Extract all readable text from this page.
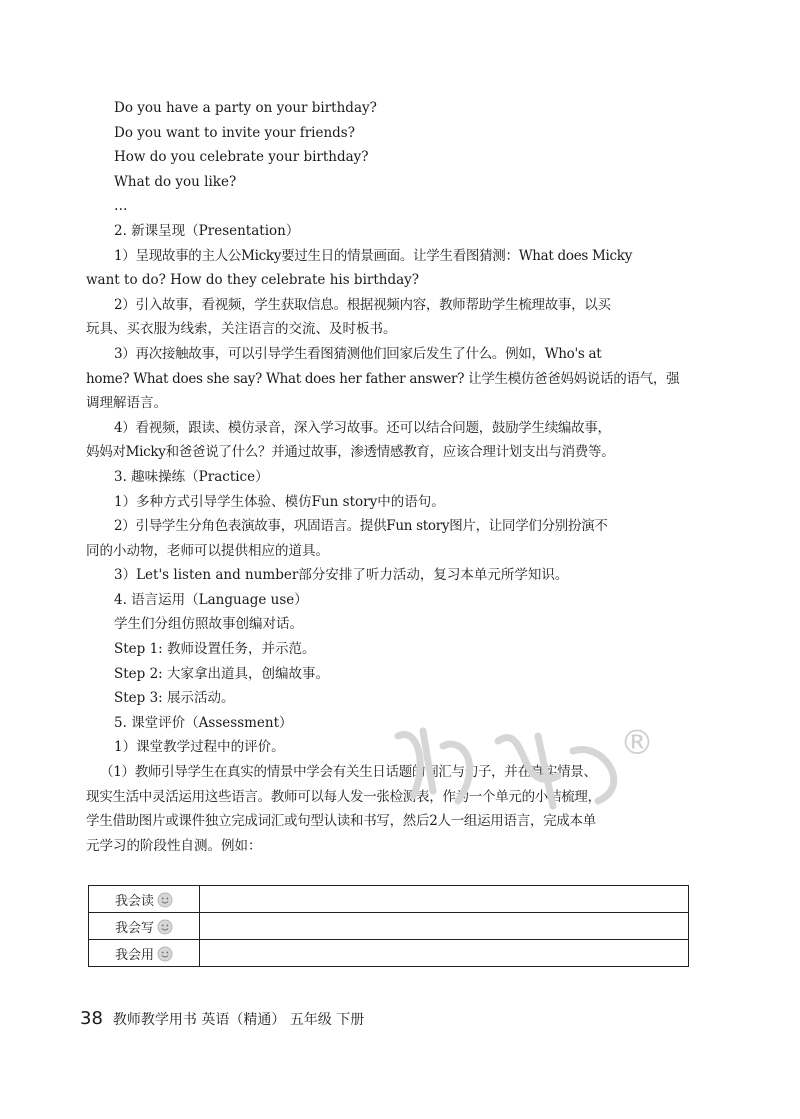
Do you have a party on your birthday?
Do you want to invite your friends?
How do you celebrate your birthday?
What do you like?
…
2. 新课呈现（Presentation）
1）呈现故事的主人公Micky要过生日的情景画面。让学生看图猜测：What does Micky
want to do? How do they celebrate his birthday?
2）引入故事，看视频，学生获取信息。根据视频内容，教师帮助学生梳理故事，以买
玩具、买衣服为线索，关注语言的交流、及时板书。
3）再次接触故事，可以引导学生看图猜测他们回家后发生了什么。例如，Who's at
home? What does she say? What does her father answer? 让学生模仿爸爸妈妈说话的语气，强
调理解语言。
4）看视频，跟读、模仿录音，深入学习故事。还可以结合问题，鼓励学生续编故事，
妈妈对Micky和爸爸说了什么？并通过故事，渗透情感教育，应该合理计划支出与消费等。
3. 趣味操练（Practice）
1）多种方式引导学生体验、模仿Fun story中的语句。
2）引导学生分角色表演故事，巩固语言。提供Fun story图片，让同学们分别扮演不
同的小动物，老师可以提供相应的道具。
3）Let's listen and number部分安排了听力活动，复习本单元所学知识。
4. 语言运用（Language use）
学生们分组仿照故事创编对话。
Step 1: 教师设置任务，并示范。
Step 2: 大家拿出道具，创编故事。
Step 3: 展示活动。
5. 课堂评价（Assessment）
1）课堂教学过程中的评价。
（1）教师引导学生在真实的情景中学会有关生日话题的词汇与句子，并在真实情景、
现实生活中灵活运用这些语言。教师可以每人发一张检测表，作为一个单元的小结梳理，
学生借助图片或课件独立完成词汇或句型认读和书写，然后2人一组运用语言，完成本单
元学习的阶段性自测。例如：
®
我会读	
我会写	
我会用	
38 教师教学用书 英语（精通） 五年级 下册
